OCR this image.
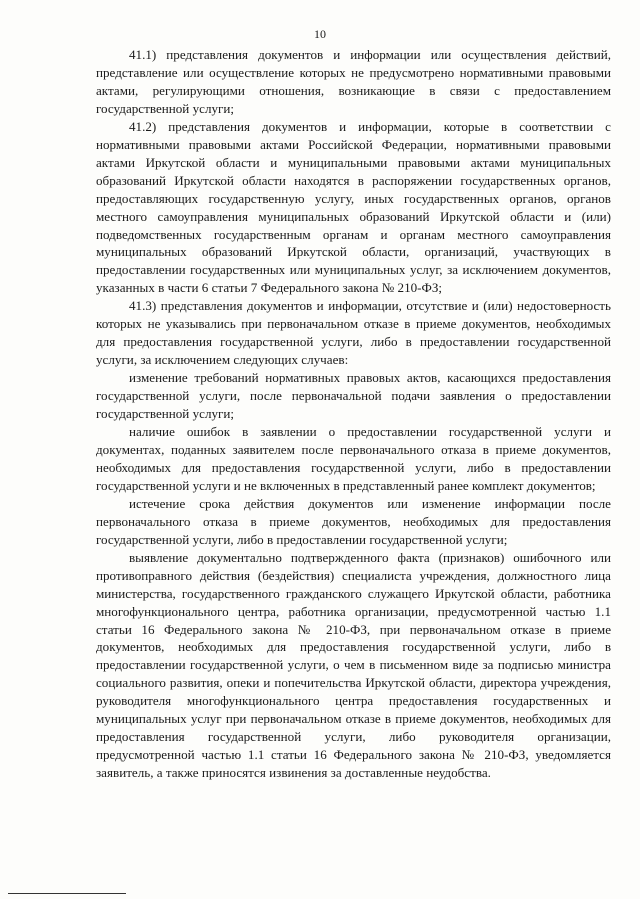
10

41.1) представления документов и информации или осуществления действий, представление или осуществление которых не предусмотрено нормативными правовыми актами, регулирующими отношения, возникающие в связи с предоставлением государственной услуги;

41.2) представления документов и информации, которые в соответствии с нормативными правовыми актами Российской Федерации, нормативными правовыми актами Иркутской области и муниципальными правовыми актами муниципальных образований Иркутской области находятся в распоряжении государственных органов, предоставляющих государственную услугу, иных государственных органов, органов местного самоуправления муниципальных образований Иркутской области и (или) подведомственных государственным органам и органам местного самоуправления муниципальных образований Иркутской области, организаций, участвующих в предоставлении государственных или муниципальных услуг, за исключением документов, указанных в части 6 статьи 7 Федерального закона № 210-ФЗ;

41.3) представления документов и информации, отсутствие и (или) недостоверность которых не указывались при первоначальном отказе в приеме документов, необходимых для предоставления государственной услуги, либо в предоставлении государственной услуги, за исключением следующих случаев:

изменение требований нормативных правовых актов, касающихся предоставления государственной услуги, после первоначальной подачи заявления о предоставлении государственной услуги;

наличие ошибок в заявлении о предоставлении государственной услуги и документах, поданных заявителем после первоначального отказа в приеме документов, необходимых для предоставления государственной услуги, либо в предоставлении государственной услуги и не включенных в представленный ранее комплект документов;

истечение срока действия документов или изменение информации после первоначального отказа в приеме документов, необходимых для предоставления государственной услуги, либо в предоставлении государственной услуги;

выявление документально подтвержденного факта (признаков) ошибочного или противоправного действия (бездействия) специалиста учреждения, должностного лица министерства, государственного гражданского служащего Иркутской области, работника многофункционального центра, работника организации, предусмотренной частью 1.1 статьи 16 Федерального закона № 210-ФЗ, при первоначальном отказе в приеме документов, необходимых для предоставления государственной услуги, либо в предоставлении государственной услуги, о чем в письменном виде за подписью министра социального развития, опеки и попечительства Иркутской области, директора учреждения, руководителя многофункционального центра предоставления государственных и муниципальных услуг при первоначальном отказе в приеме документов, необходимых для предоставления государственной услуги, либо руководителя организации, предусмотренной частью 1.1 статьи 16 Федерального закона № 210-ФЗ, уведомляется заявитель, а также приносятся извинения за доставленные неудобства.
